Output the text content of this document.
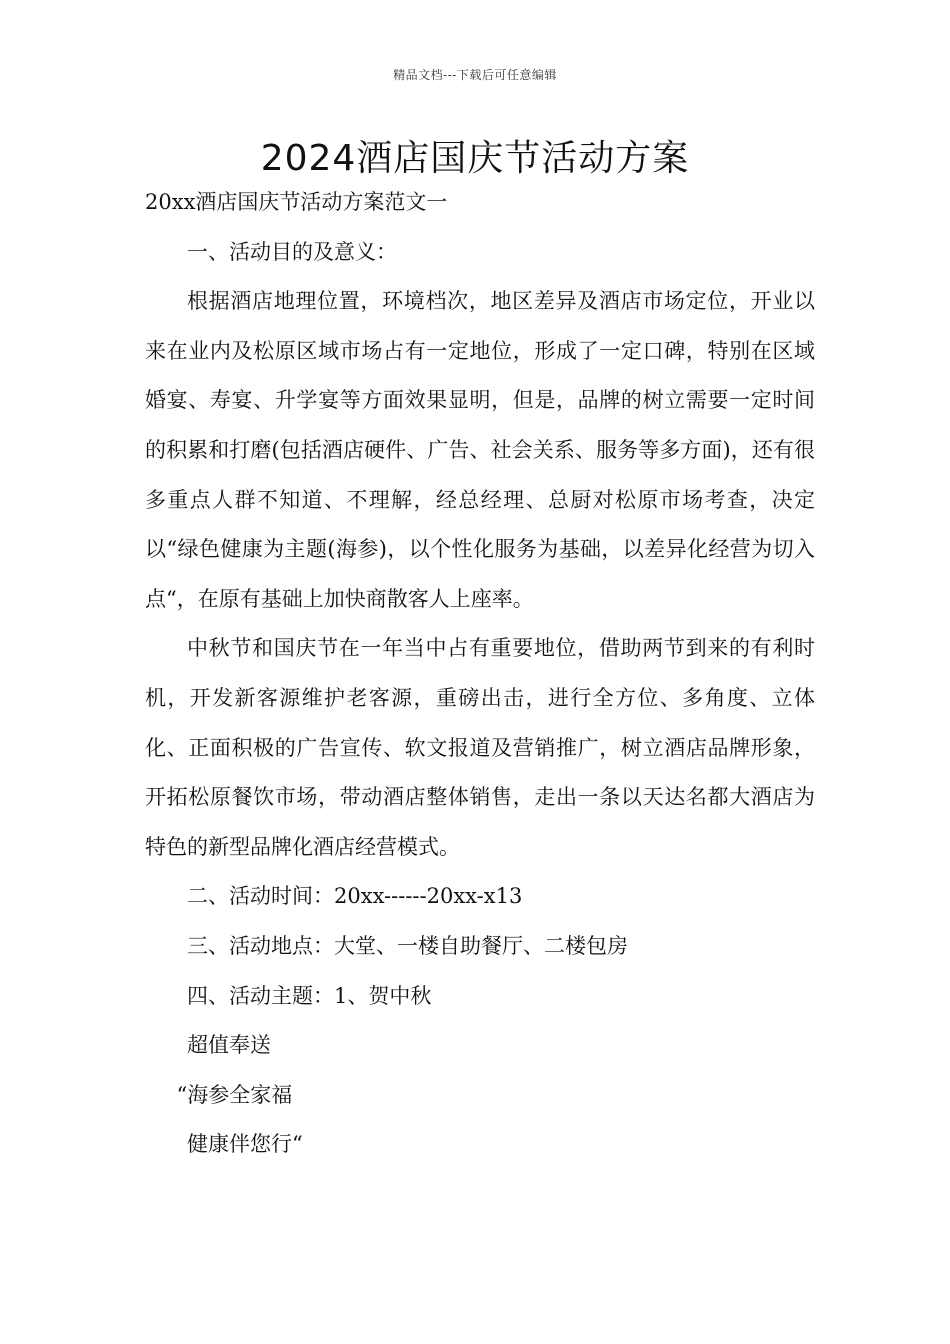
精品文档---下载后可任意编辑
2024酒店国庆节活动方案

20xx酒店国庆节活动方案范文一

一、活动目的及意义：

根据酒店地理位置，环境档次，地区差异及酒店市场定位，开业以来在业内及松原区域市场占有一定地位，形成了一定口碑，特别在区域婚宴、寿宴、升学宴等方面效果显明，但是，品牌的树立需要一定时间的积累和打磨(包括酒店硬件、广告、社会关系、服务等多方面)，还有很多重点人群不知道、不理解，经总经理、总厨对松原市场考查，决定以“绿色健康为主题(海参)，以个性化服务为基础，以差异化经营为切入点“，在原有基础上加快商散客人上座率。

中秋节和国庆节在一年当中占有重要地位，借助两节到来的有利时机，开发新客源维护老客源，重磅出击，进行全方位、多角度、立体化、正面积极的广告宣传、软文报道及营销推广，树立酒店品牌形象，开拓松原餐饮市场，带动酒店整体销售，走出一条以天达名都大酒店为特色的新型品牌化酒店经营模式。

二、活动时间：20xx------20xx-x13

三、活动地点：大堂、一楼自助餐厅、二楼包房

四、活动主题：1、贺中秋

超值奉送

“海参全家福

健康伴您行“
